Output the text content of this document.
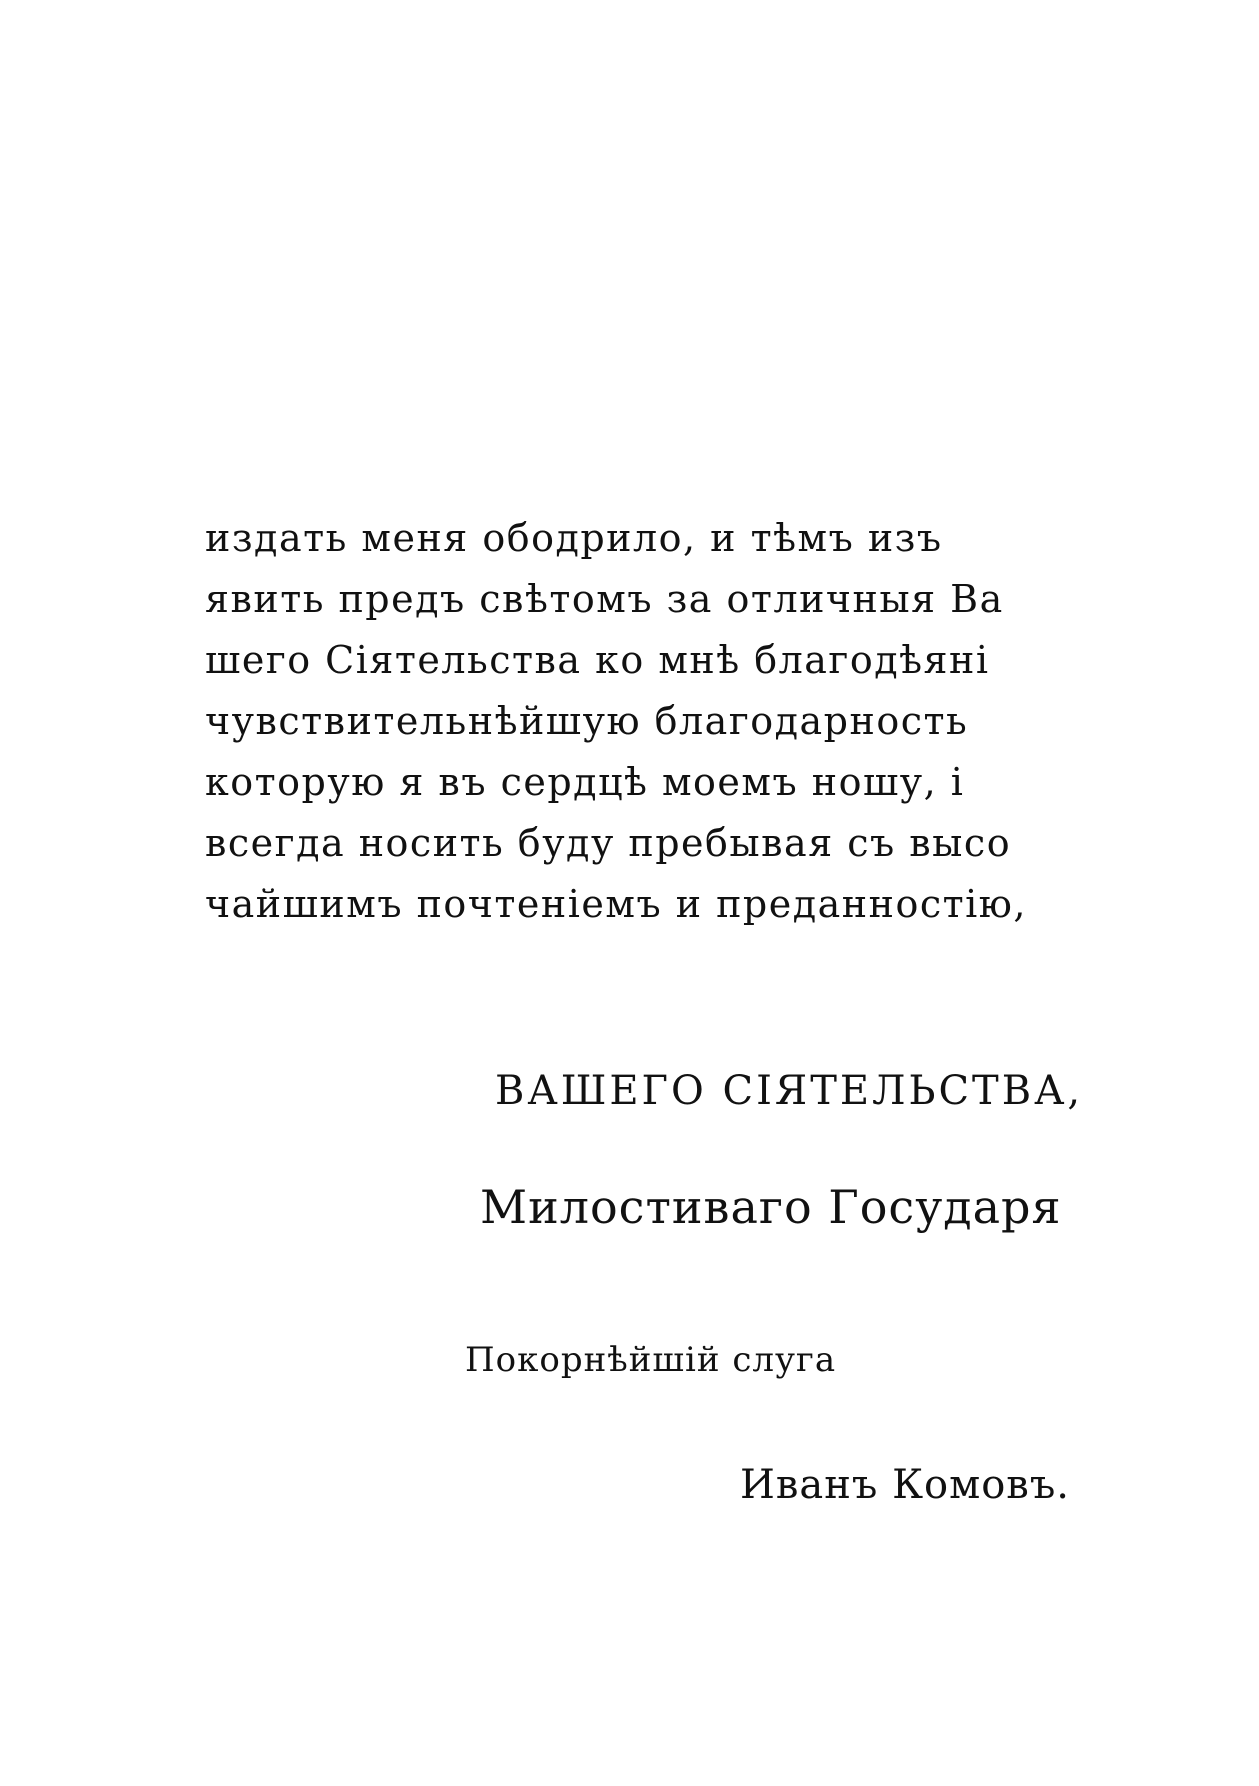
издать меня ободрило, и тѣмъ изъ
явить предъ свѣтомъ за отличныя Ва
шего Сіятельства ко мнѣ благодѣяні
чувствительнѣйшую благодарность
которую я въ сердцѣ моемъ ношу, і
всегда носить буду пребывая съ высо
чайшимъ почтеніемъ и преданностію,
ВАШЕГО СІЯТЕЛЬСТВА,
Милостиваго Государя
Покорнѣйшій слуга
Иванъ Комовъ.
